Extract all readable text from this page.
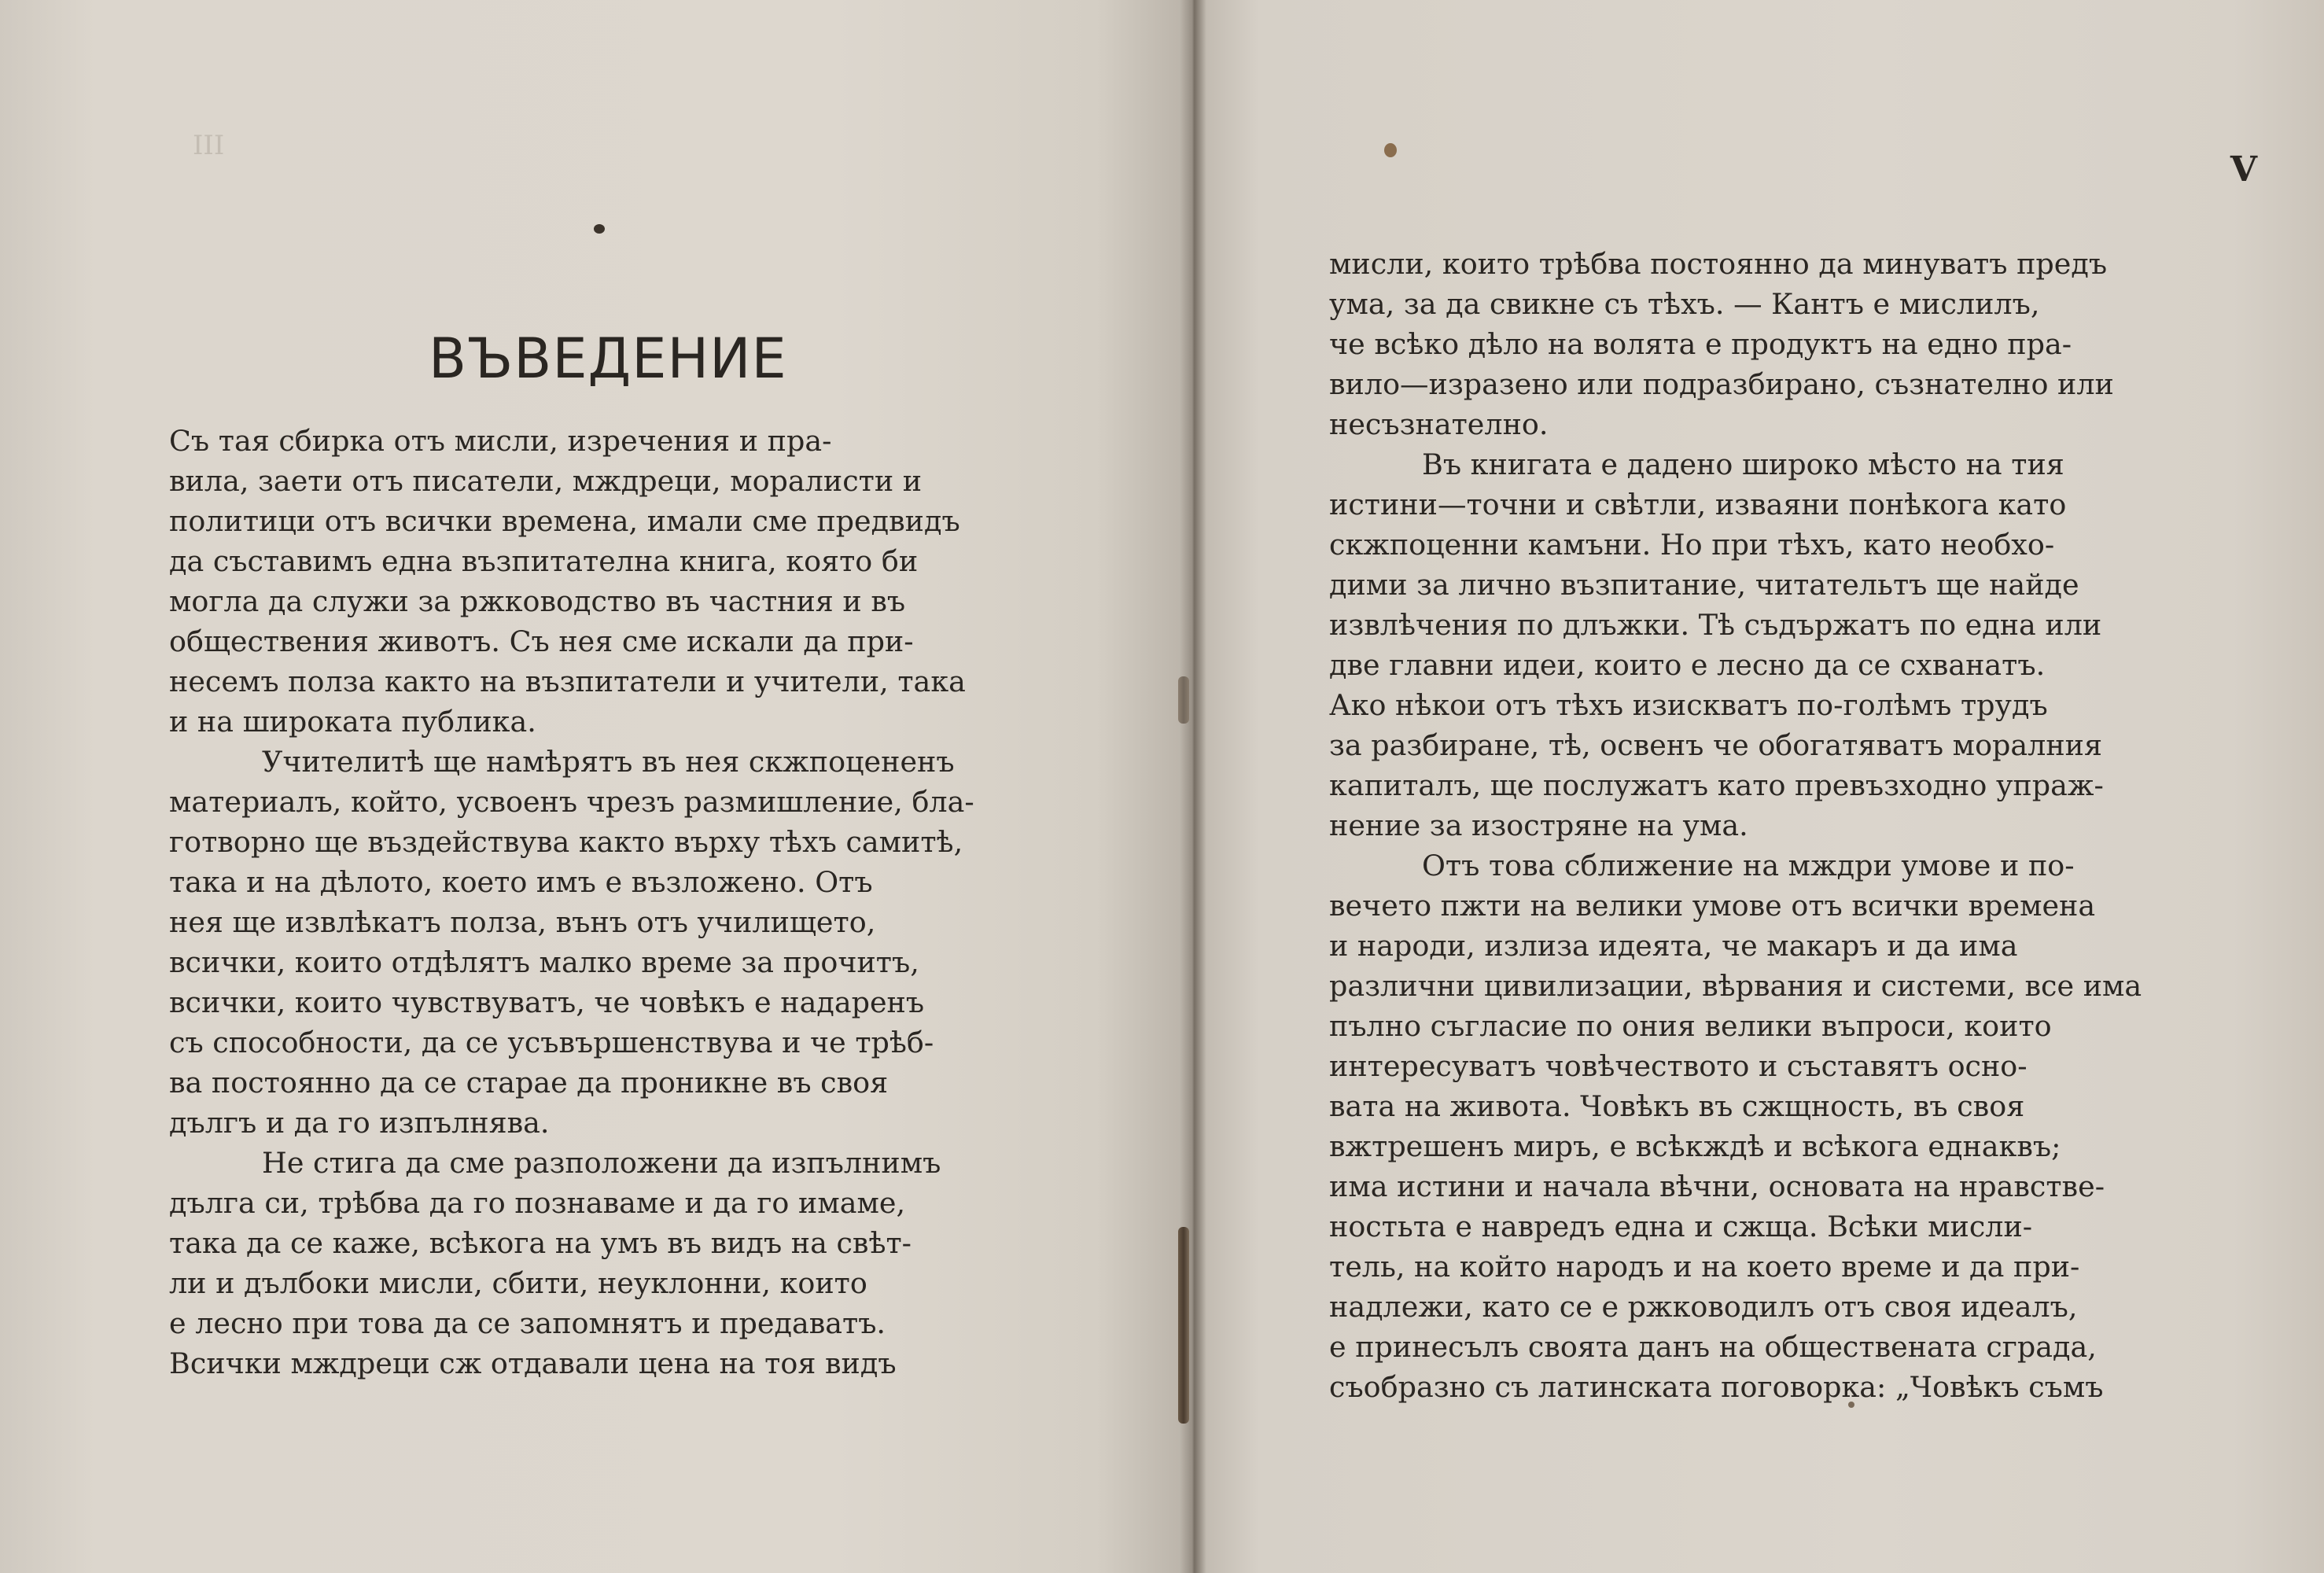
III
ВЪВЕДЕНИЕ
Съ тая сбирка отъ мисли, изречения и пра-
вила, заети отъ писатели, мждреци, моралисти и
политици отъ всички времена, имали сме предвидъ
да съставимъ една възпитателна книга, която би
могла да служи за ржководство въ частния и въ
обществения животъ. Съ нея сме искали да при-
несемъ полза както на възпитатели и учители, така
и на широката публика.
Учителитѣ ще намѣрятъ въ нея скжпоцененъ
материалъ, който, усвоенъ чрезъ размишление, бла-
готворно ще въздействува както върху тѣхъ самитѣ,
така и на дѣлото, което имъ е възложено. Отъ
нея ще извлѣкатъ полза, вънъ отъ училището,
всички, които отдѣлятъ малко време за прочитъ,
всички, които чувствуватъ, че човѣкъ е надаренъ
съ способности, да се усъвършенствува и че трѣб-
ва постоянно да се старае да проникне въ своя
дългъ и да го изпълнява.
Не стига да сме разположени да изпълнимъ
дълга си, трѣбва да го познаваме и да го имаме,
така да се каже, всѣкога на умъ въ видъ на свѣт-
ли и дълбоки мисли, сбити, неуклонни, които
е лесно при това да се запомнятъ и предаватъ.
Всички мждреци сж отдавали цена на тоя видъ
V
мисли, които трѣбва постоянно да минуватъ предъ
ума, за да свикне съ тѣхъ. — Кантъ е мислилъ,
че всѣко дѣло на волята е продуктъ на едно пра-
вило—изразено или подразбирано, съзнателно или
несъзнателно.
Въ книгата е дадено широко мѣсто на тия
истини—точни и свѣтли, изваяни понѣкога като
скжпоценни камъни. Но при тѣхъ, като необхо-
дими за лично възпитание, читательтъ ще найде
извлѣчения по длъжки. Тѣ съдържатъ по една или
две главни идеи, които е лесно да се схванатъ.
Ако нѣкои отъ тѣхъ изискватъ по-голѣмъ трудъ
за разбиране, тѣ, освенъ че обогатяватъ моралния
капиталъ, ще послужатъ като превъзходно упраж-
нение за изостряне на ума.
Отъ това сближение на мждри умове и по-
вечето пжти на велики умове отъ всички времена
и народи, излиза идеята, че макаръ и да има
различни цивилизации, вѣрвания и системи, все има
пълно съгласие по ония велики въпроси, които
интересуватъ човѣчеството и съставятъ осно-
вата на живота. Човѣкъ въ сжщность, въ своя
вжтрешенъ миръ, е всѣкждѣ и всѣкога еднаквъ;
има истини и начала вѣчни, основата на нравстве-
ностьта е навредъ една и сжща. Всѣки мисли-
тель, на който народъ и на което време и да при-
надлежи, като се е ржководилъ отъ своя идеалъ,
е принесълъ своята данъ на обществената сграда,
съобразно съ латинската поговорка: „Човѣкъ съмъ
